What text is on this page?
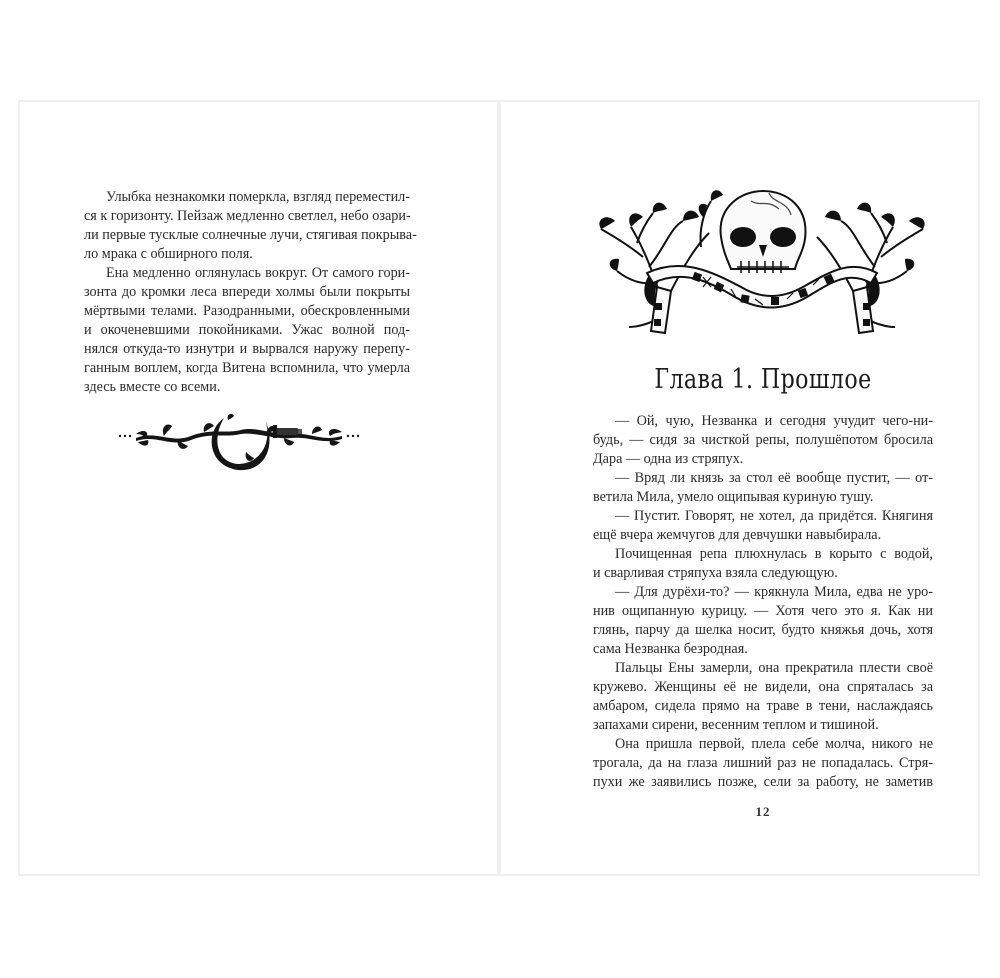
Улыбка незнакомки померкла, взгляд переместил-
ся к горизонту. Пейзаж медленно светлел, небо озари-
ли первые тусклые солнечные лучи, стягивая покрыва-
ло мрака с обширного поля.
Ена медленно оглянулась вокруг. От самого гори-
зонта до кромки леса впереди холмы были покрыты
мёртвыми телами. Разодранными, обескровленными
и окоченевшими покойниками. Ужас волной под-
нялся откуда-то изнутри и вырвался наружу перепу-
ганным воплем, когда Витена вспомнила, что умерла
здесь вместе со всеми.	Глава 1. Прошлое
— Ой, чую, Незванка и сегодня учудит чего-ни-
будь, — сидя за чисткой репы, полушёпотом бросила
Дара — одна из стряпух.
— Вряд ли князь за стол её вообще пустит, — от-
ветила Мила, умело ощипывая куриную тушу.
— Пустит. Говорят, не хотел, да придётся. Княгиня
ещё вчера жемчугов для девчушки навыбирала.
Почищенная репа плюхнулась в корыто с водой,
и сварливая стряпуха взяла следующую.
— Для дурёхи-то? — крякнула Мила, едва не уро-
нив ощипанную курицу. — Хотя чего это я. Как ни
глянь, парчу да шелка носит, будто княжья дочь, хотя
сама Незванка безродная.
Пальцы Ены замерли, она прекратила плести своё
кружево. Женщины её не видели, она спряталась за
амбаром, сидела прямо на траве в тени, наслаждаясь
запахами сирени, весенним теплом и тишиной.
Она пришла первой, плела себе молча, никого не
трогала, да на глаза лишний раз не попадалась. Стря-
пухи же заявились позже, сели за работу, не заметив
12
